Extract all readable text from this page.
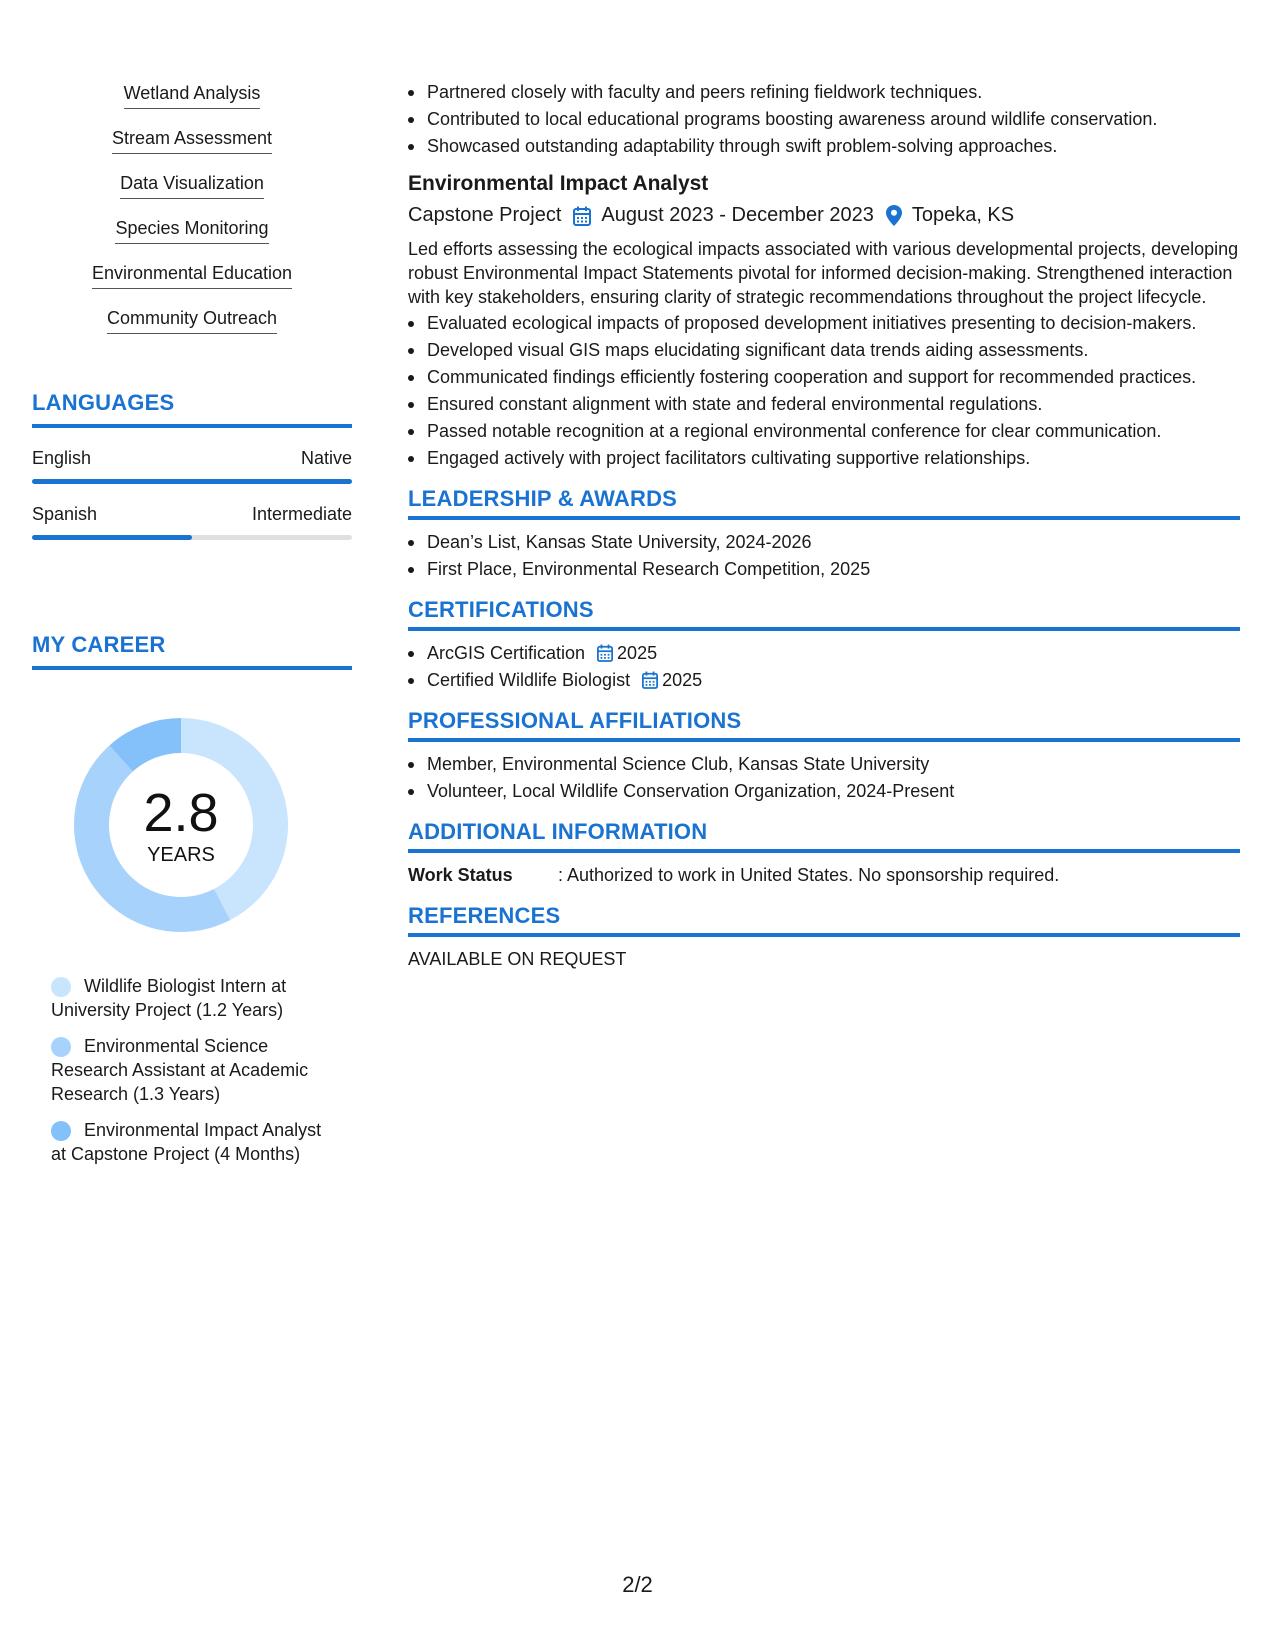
Wetland Analysis
Stream Assessment
Data Visualization
Species Monitoring
Environmental Education
Community Outreach
LANGUAGES
English	Native
Spanish	Intermediate
MY CAREER
2.8
YEARS
Wildlife Biologist Intern at University Project (1.2 Years)
Environmental Science Research Assistant at Academic Research (1.3 Years)
Environmental Impact Analyst at Capstone Project (4 Months)
Partnered closely with faculty and peers refining fieldwork techniques.
Contributed to local educational programs boosting awareness around wildlife conservation.
Showcased outstanding adaptability through swift problem-solving approaches.
Environmental Impact Analyst
Capstone Project August 2023 - December 2023 Topeka, KS
Led efforts assessing the ecological impacts associated with various developmental projects, developing robust Environmental Impact Statements pivotal for informed decision-making. Strengthened interaction with key stakeholders, ensuring clarity of strategic recommendations throughout the project lifecycle.
Evaluated ecological impacts of proposed development initiatives presenting to decision-makers.
Developed visual GIS maps elucidating significant data trends aiding assessments.
Communicated findings efficiently fostering cooperation and support for recommended practices.
Ensured constant alignment with state and federal environmental regulations.
Passed notable recognition at a regional environmental conference for clear communication.
Engaged actively with project facilitators cultivating supportive relationships.
LEADERSHIP & AWARDS
Dean’s List, Kansas State University, 2024-2026
First Place, Environmental Research Competition, 2025
CERTIFICATIONS
ArcGIS Certification 2025
Certified Wildlife Biologist 2025
PROFESSIONAL AFFILIATIONS
Member, Environmental Science Club, Kansas State University
Volunteer, Local Wildlife Conservation Organization, 2024-Present
ADDITIONAL INFORMATION
Work Status	: Authorized to work in United States. No sponsorship required.
REFERENCES
AVAILABLE ON REQUEST
2/2
